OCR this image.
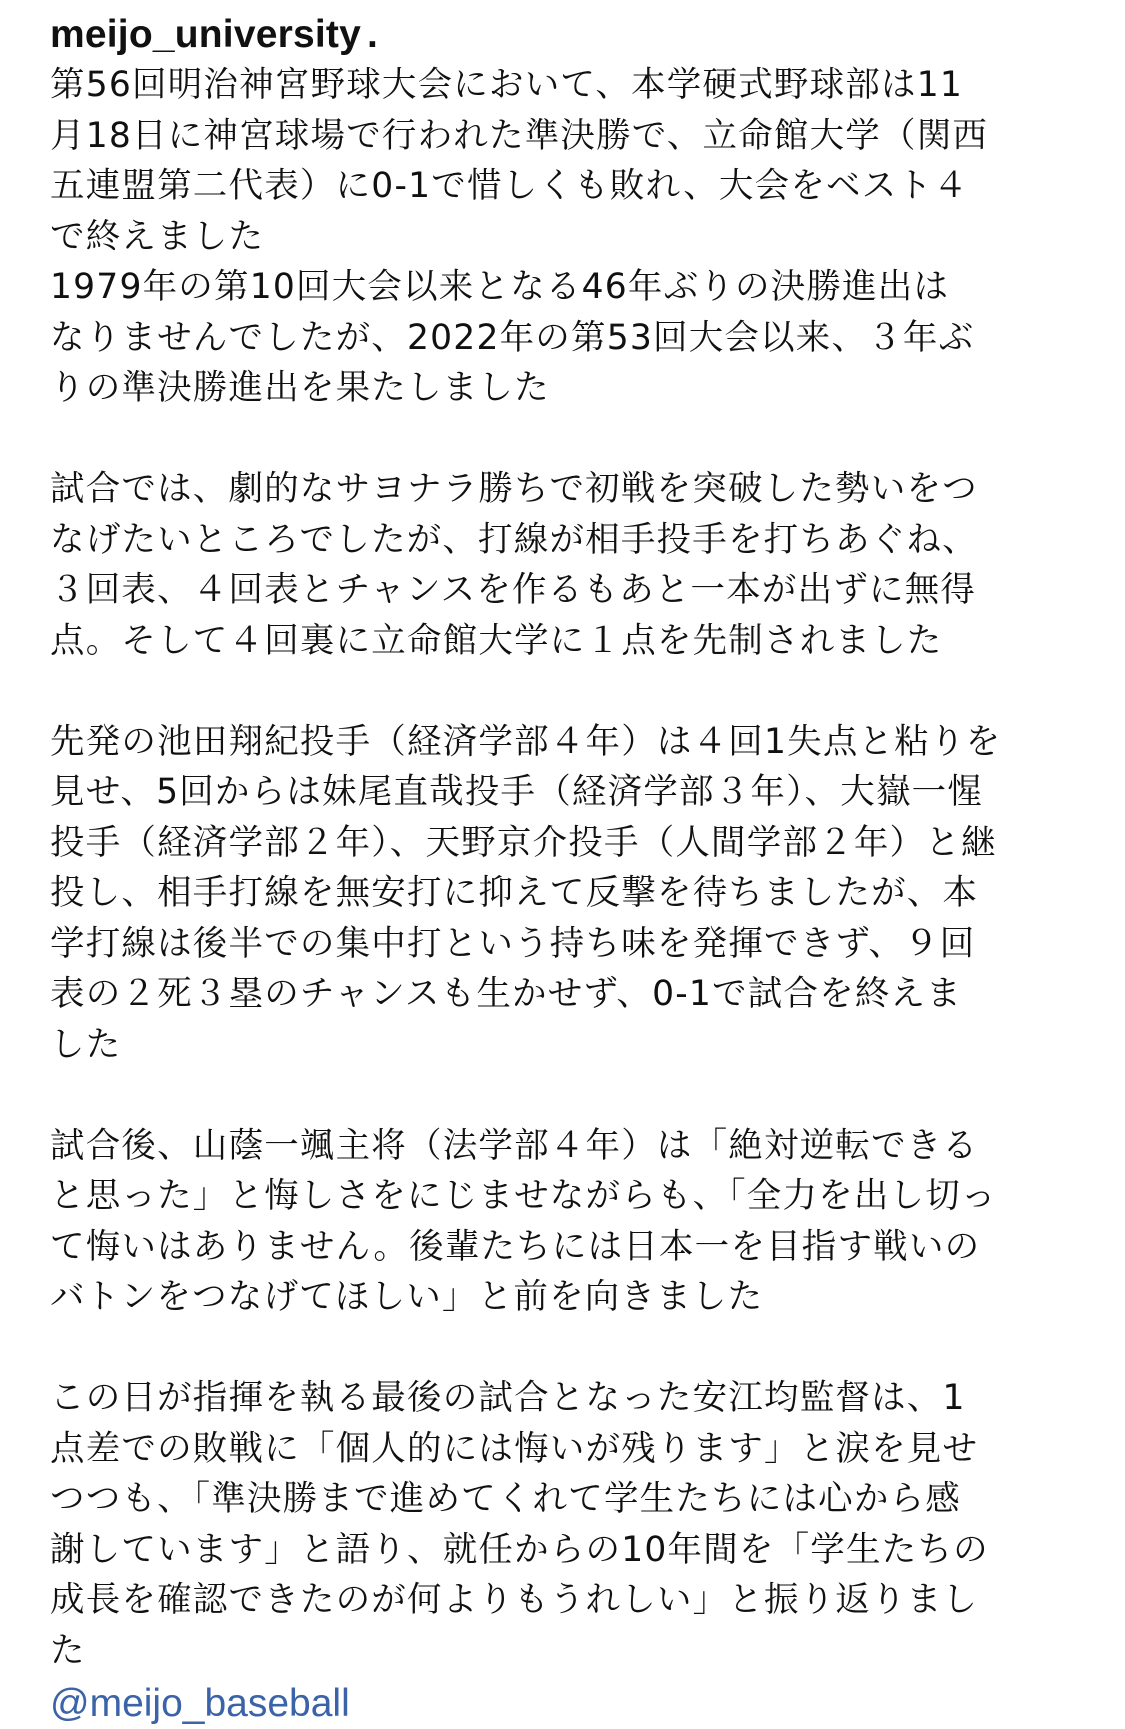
meijo_university .
第56回明治神宮野球大会において、本学硬式野球部は11
月18日に神宮球場で行われた準決勝で、立命館大学（関西
五連盟第二代表）に0-1で惜しくも敗れ、大会をベスト４
で終えました
1979年の第10回大会以来となる46年ぶりの決勝進出は
なりませんでしたが、2022年の第53回大会以来、３年ぶ
りの準決勝進出を果たしました
試合では、劇的なサヨナラ勝ちで初戦を突破した勢いをつ
なげたいところでしたが、打線が相手投手を打ちあぐね、
３回表、４回表とチャンスを作るもあと一本が出ずに無得
点。そして４回裏に立命館大学に１点を先制されました
先発の池田翔紀投手（経済学部４年）は４回1失点と粘りを
見せ、5回からは妹尾直哉投手（経済学部３年）、大嶽一惺
投手（経済学部２年）、天野京介投手（人間学部２年）と継
投し、相手打線を無安打に抑えて反撃を待ちましたが、本
学打線は後半での集中打という持ち味を発揮できず、９回
表の２死３塁のチャンスも生かせず、0-1で試合を終えま
した
試合後、山蔭一颯主将（法学部４年）は「絶対逆転できる
と思った」と悔しさをにじませながらも、「全力を出し切っ
て悔いはありません。後輩たちには日本一を目指す戦いの
バトンをつなげてほしい」と前を向きました
この日が指揮を執る最後の試合となった安江均監督は、1
点差での敗戦に「個人的には悔いが残ります」と涙を見せ
つつも、「準決勝まで進めてくれて学生たちには心から感
謝しています」と語り、就任からの10年間を「学生たちの
成長を確認できたのが何よりもうれしい」と振り返りまし
た
@meijo_baseball
